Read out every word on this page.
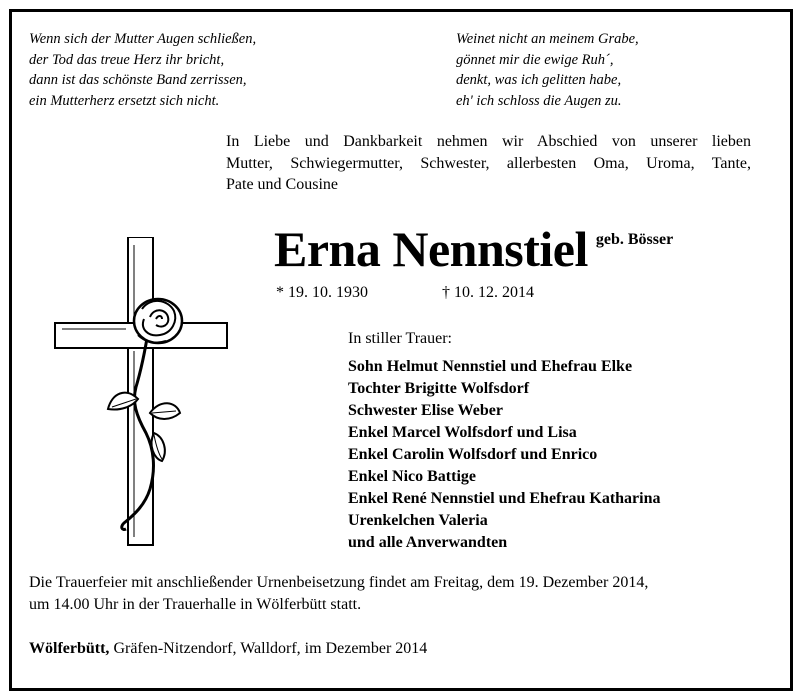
Wenn sich der Mutter Augen schließen,
der Tod das treue Herz ihr bricht,
dann ist das schönste Band zerrissen,
ein Mutterherz ersetzt sich nicht.
Weinet nicht an meinem Grabe,
gönnet mir die ewige Ruh´,
denkt, was ich gelitten habe,
eh' ich schloss die Augen zu.
In Liebe und Dankbarkeit nehmen wir Abschied von unserer lieben
Mutter, Schwiegermutter, Schwester, allerbesten Oma, Uroma, Tante,
Pate und Cousine
Erna Nennstiel geb. Bösser
* 19. 10. 1930	† 10. 12. 2014
In stiller Trauer:
Sohn Helmut Nennstiel und Ehefrau Elke
Tochter Brigitte Wolfsdorf
Schwester Elise Weber
Enkel Marcel Wolfsdorf und Lisa
Enkel Carolin Wolfsdorf und Enrico
Enkel Nico Battige
Enkel René Nennstiel und Ehefrau Katharina
Urenkelchen Valeria
und alle Anverwandten
Die Trauerfeier mit anschließender Urnenbeisetzung findet am Freitag, dem 19. Dezember 2014,
um 14.00 Uhr in der Trauerhalle in Wölferbütt statt.
Wölferbütt, Gräfen-Nitzendorf, Walldorf, im Dezember 2014
